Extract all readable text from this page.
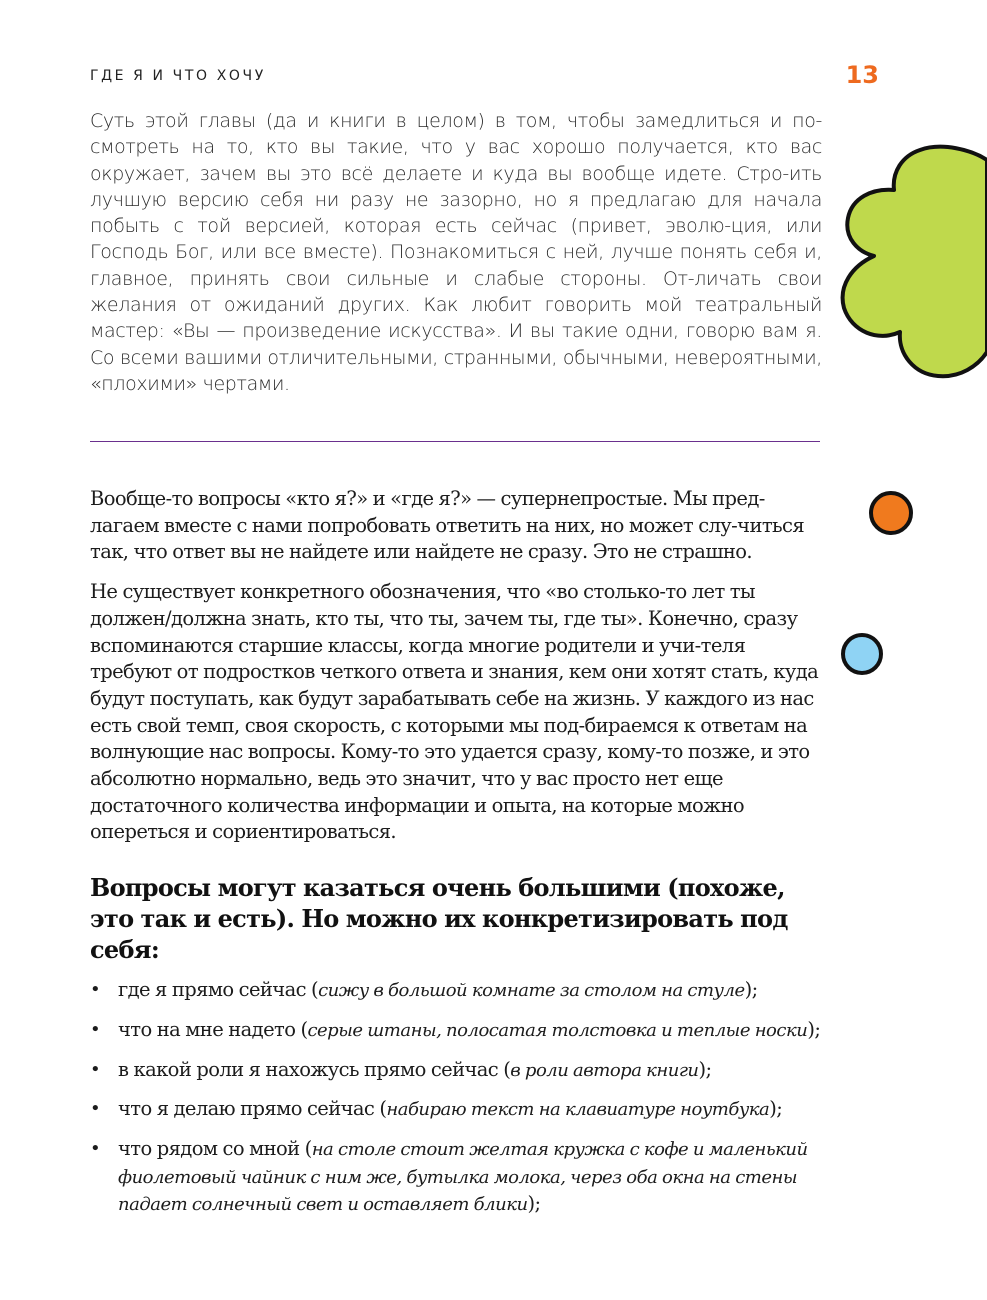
ГДЕ Я И ЧТО ХОЧУ	13

Суть этой главы (да и книги в целом) в том, чтобы замедлиться и по-смотреть на то, кто вы такие, что у вас хорошо получается, кто вас окружает, зачем вы это всё делаете и куда вы вообще идете. Стро-ить лучшую версию себя ни разу не зазорно, но я предлагаю для начала побыть с той версией, которая есть сейчас (привет, эволю-ция, или Господь Бог, или все вместе). Познакомиться с ней, лучше понять себя и, главное, принять свои сильные и слабые стороны. От-личать свои желания от ожиданий других. Как любит говорить мой театральный мастер: «Вы — произведение искусства». И вы такие одни, говорю вам я. Со всеми вашими отличительными, странными, обычными, невероятными, «плохими» чертами.

Вообще-то вопросы «кто я?» и «где я?» — супернепростые. Мы пред-лагаем вместе с нами попробовать ответить на них, но может слу-читься так, что ответ вы не найдете или найдете не сразу. Это не страшно.

Не существует конкретного обозначения, что «во столько-то лет ты должен/должна знать, кто ты, что ты, зачем ты, где ты». Конечно, сразу вспоминаются старшие классы, когда многие родители и учи-теля требуют от подростков четкого ответа и знания, кем они хотят стать, куда будут поступать, как будут зарабатывать себе на жизнь. У каждого из нас есть свой темп, своя скорость, с которыми мы под-бираемся к ответам на волнующие нас вопросы. Кому-то это удается сразу, кому-то позже, и это абсолютно нормально, ведь это значит, что у вас просто нет еще достаточного количества информации и опыта, на которые можно опереться и сориентироваться.

Вопросы могут казаться очень большими (похоже, это так и есть). Но можно их конкретизировать под себя:
• где я прямо сейчас (сижу в большой комнате за столом на стуле);
• что на мне надето (серые штаны, полосатая толстовка и теплые носки);
• в какой роли я нахожусь прямо сейчас (в роли автора книги);
• что я делаю прямо сейчас (набираю текст на клавиатуре ноутбука);
• что рядом со мной (на столе стоит желтая кружка с кофе и маленький фиолетовый чайник с ним же, бутылка молока, через оба окна на стены падает солнечный свет и оставляет блики);
